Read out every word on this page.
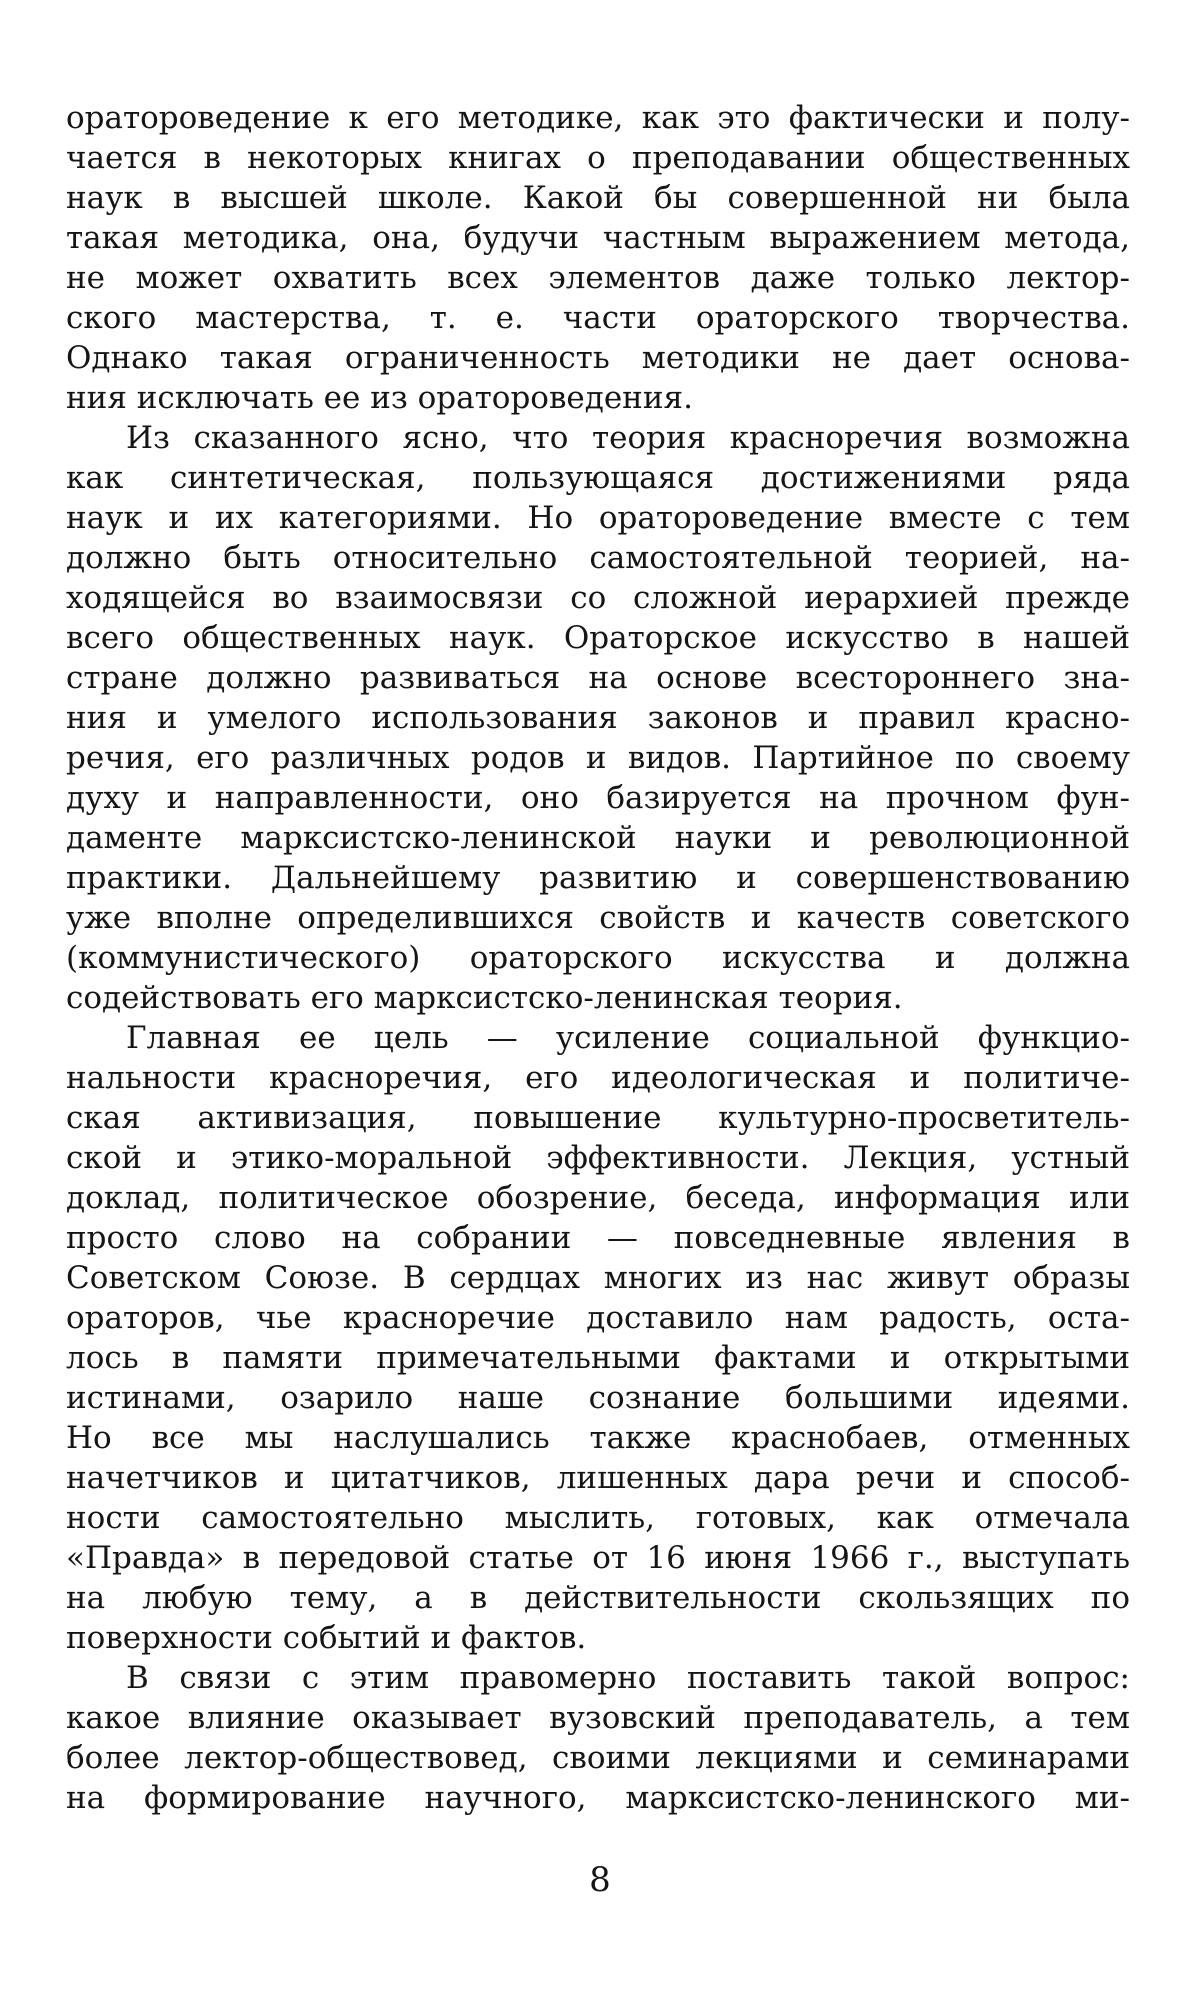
оратороведение к его методике, как это фактически и полу-
чается в некоторых книгах о преподавании общественных
наук в высшей школе. Какой бы совершенной ни была
такая методика, она, будучи частным выражением метода,
не может охватить всех элементов даже только лектор-
ского мастерства, т. е. части ораторского творчества.
Однако такая ограниченность методики не дает основа-
ния исключать ее из оратороведения.
Из сказанного ясно, что теория красноречия возможна
как синтетическая, пользующаяся достижениями ряда
наук и их категориями. Но оратороведение вместе с тем
должно быть относительно самостоятельной теорией, на-
ходящейся во взаимосвязи со сложной иерархией прежде
всего общественных наук. Ораторское искусство в нашей
стране должно развиваться на основе всестороннего зна-
ния и умелого использования законов и правил красно-
речия, его различных родов и видов. Партийное по своему
духу и направленности, оно базируется на прочном фун-
даменте марксистско-ленинской науки и революционной
практики. Дальнейшему развитию и совершенствованию
уже вполне определившихся свойств и качеств советского
(коммунистического) ораторского искусства и должна
содействовать его марксистско-ленинская теория.
Главная ее цель — усиление социальной функцио-
нальности красноречия, его идеологическая и политиче-
ская активизация, повышение культурно-просветитель-
ской и этико-моральной эффективности. Лекция, устный
доклад, политическое обозрение, беседа, информация или
просто слово на собрании — повседневные явления в
Советском Союзе. В сердцах многих из нас живут образы
ораторов, чье красноречие доставило нам радость, оста-
лось в памяти примечательными фактами и открытыми
истинами, озарило наше сознание большими идеями.
Но все мы наслушались также краснобаев, отменных
начетчиков и цитатчиков, лишенных дара речи и способ-
ности самостоятельно мыслить, готовых, как отмечала
«Правда» в передовой статье от 16 июня 1966 г., выступать
на любую тему, а в действительности скользящих по
поверхности событий и фактов.
В связи с этим правомерно поставить такой вопрос:
какое влияние оказывает вузовский преподаватель, а тем
более лектор-обществовед, своими лекциями и семинарами
на формирование научного, марксистско-ленинского ми-
8
